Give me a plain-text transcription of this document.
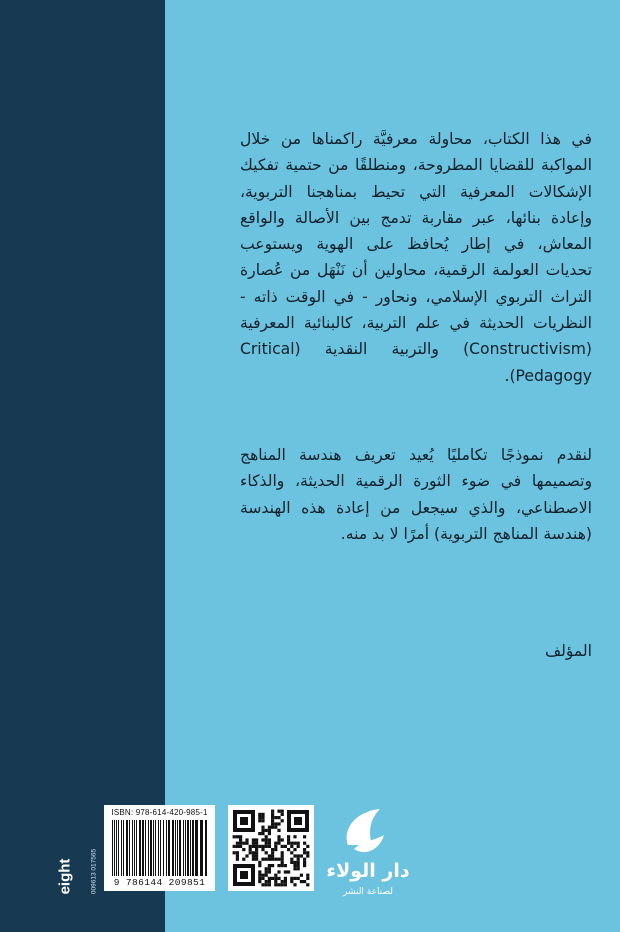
في هذا الكتاب، محاولة معرفيَّة راكمناها من خلال المواكبة للقضايا المطروحة، ومنطلقًا من حتمية تفكيك الإشكالات المعرفية التي تحيط بمناهجنا التربوية، وإعادة بنائها، عبر مقاربة تدمج بين الأصالة والواقع المعاش، في إطار يُحافظ على الهوية ويستوعب تحديات العولمة الرقمية، محاولين أن نَنْهَل من عُصارة التراث التربوي الإسلامي، ونحاور - في الوقت ذاته - النظريات الحديثة في علم التربية، كالبنائية المعرفية (Constructivism) والتربية النقدية (Critical Pedagogy).
لنقدم نموذجًا تكامليًا يُعيد تعريف هندسة المناهج وتصميمها في ضوء الثورة الرقمية الحديثة، والذكاء الاصطناعي، والذي سيجعل من إعادة هذه الهندسة (هندسة المناهج التربوية) أمرًا لا بد منه.
المؤلف
eight	009613 017565
ISBN: 978-614-420-985-1
9 786144 209851
دار الولاء
لصناعة النشر
